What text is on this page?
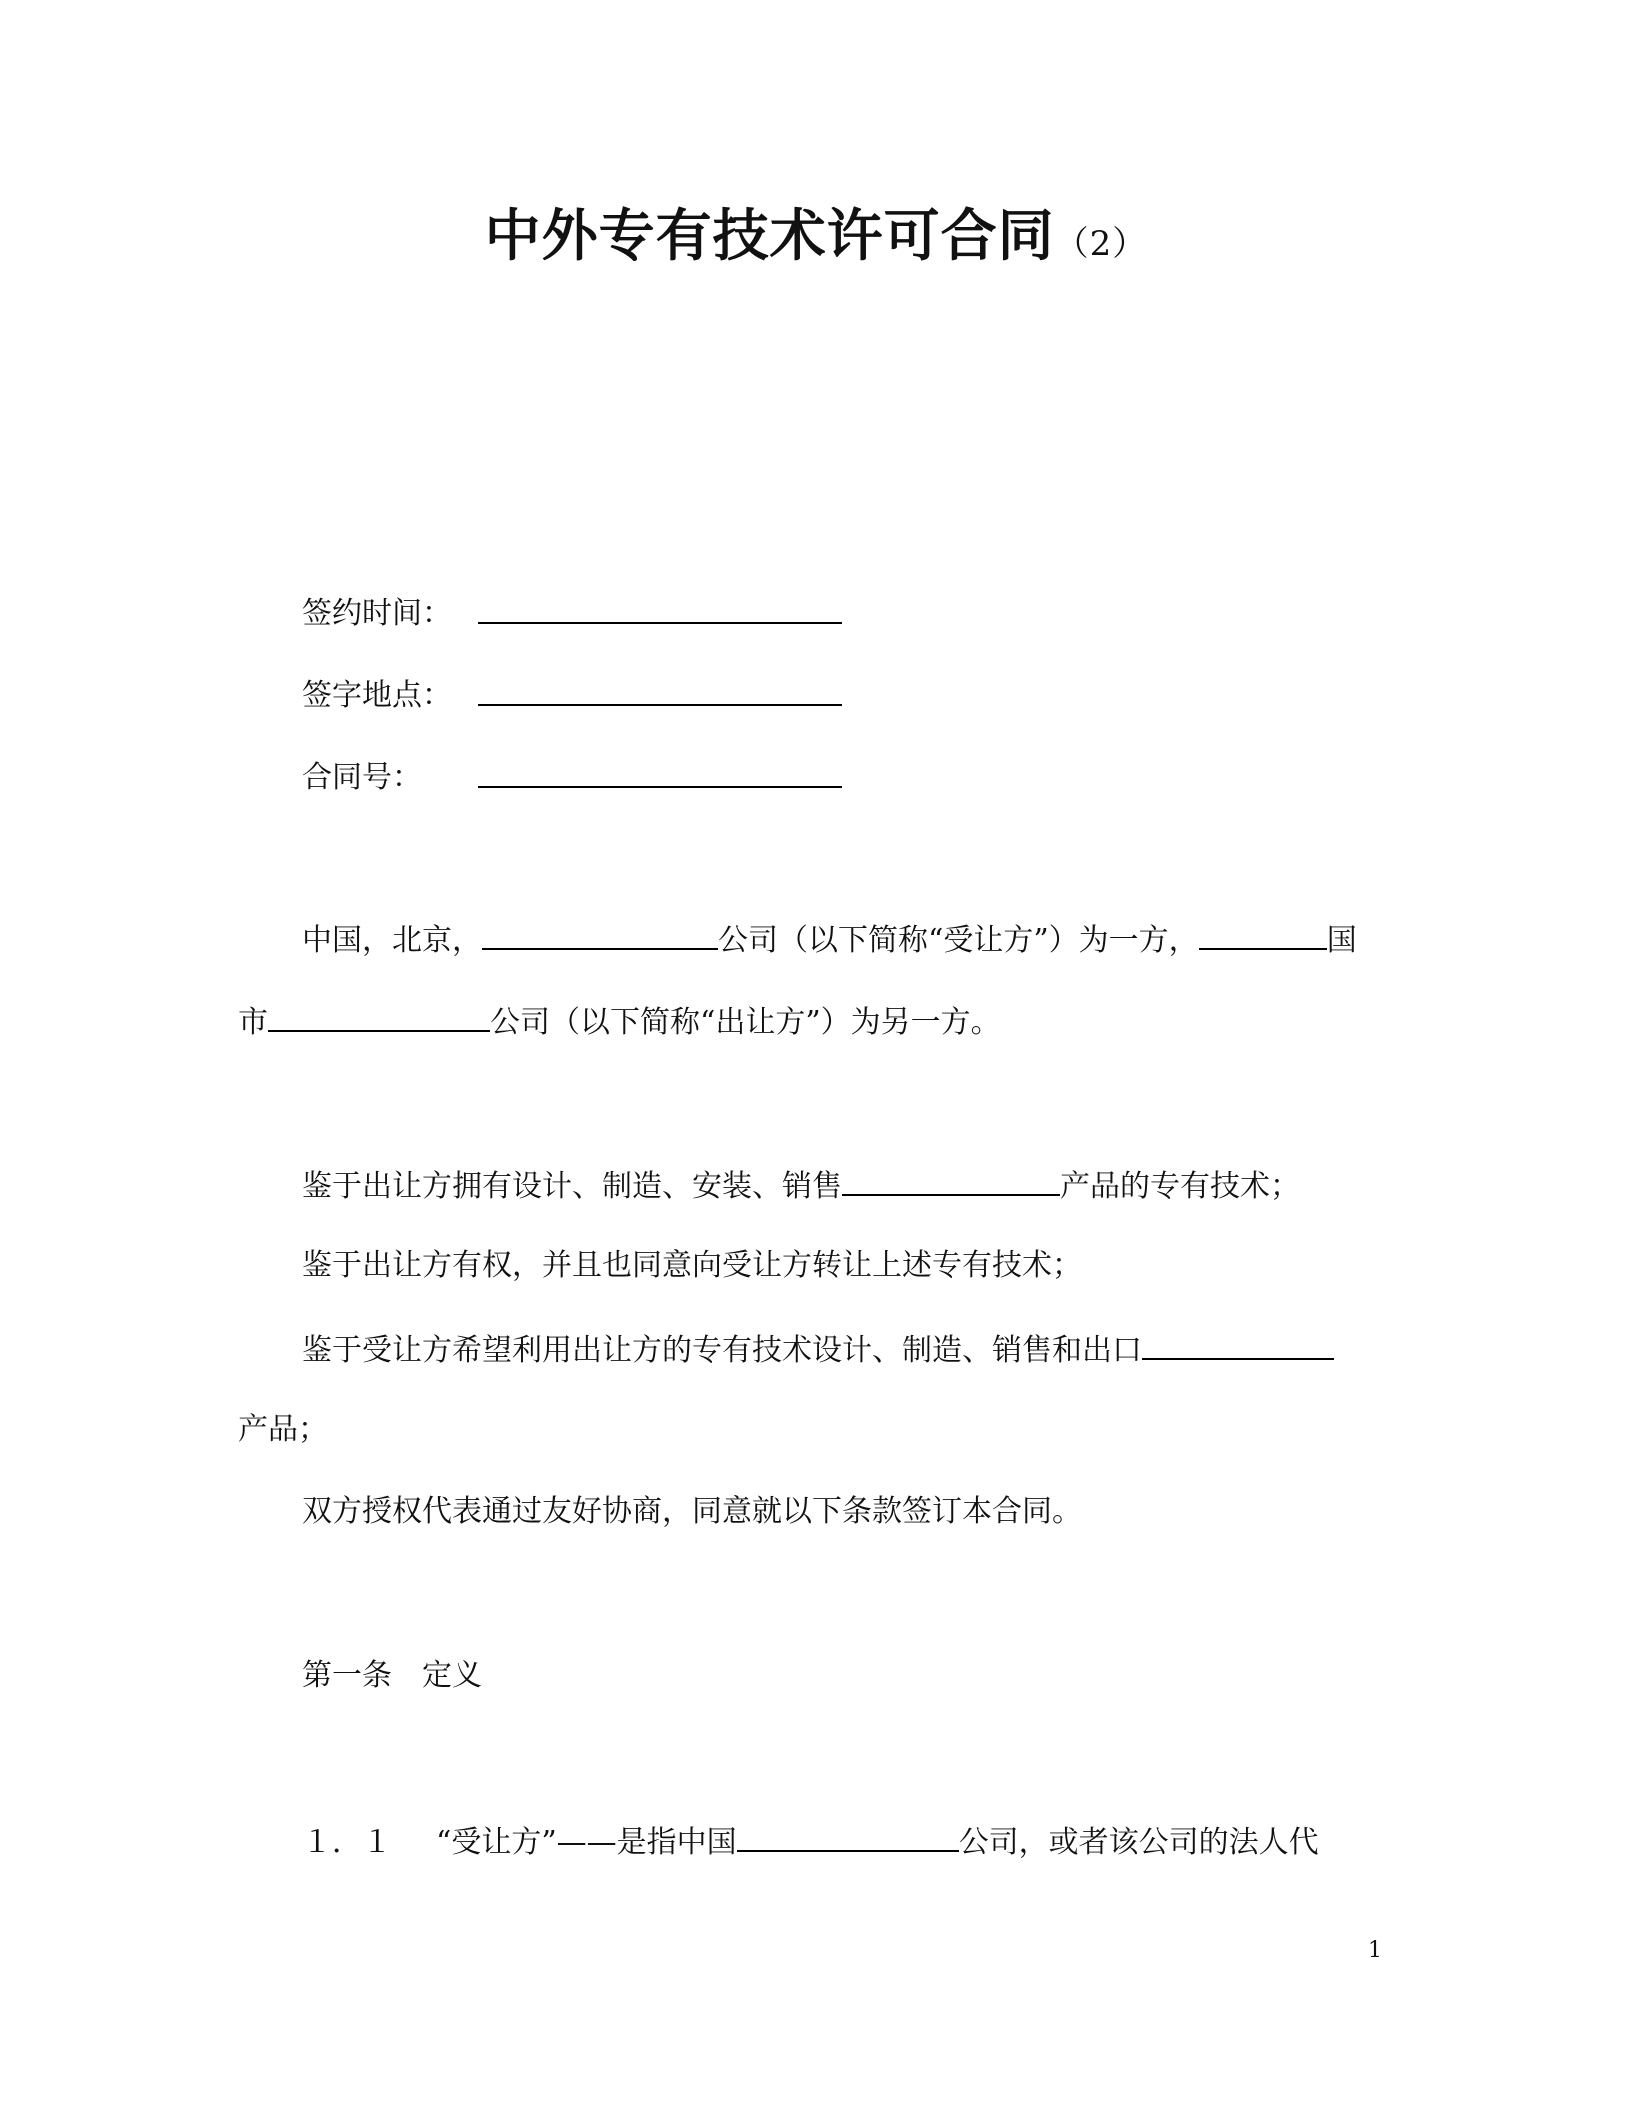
中外专有技术许可合同（2）
签约时间：
签字地点：
合同号：
中国，北京，	公司（以下简称“受让方”）为一方，	国
市	公司（以下简称“出让方”）为另一方。
鉴于出让方拥有设计、制造、安装、销售	产品的专有技术；
鉴于出让方有权，并且也同意向受让方转让上述专有技术；
鉴于受让方希望利用出让方的专有技术设计、制造、销售和出口
产品；
双方授权代表通过友好协商，同意就以下条款签订本合同。
第一条　定义
１．１ “受让方”——是指中国	公司，或者该公司的法人代
1
